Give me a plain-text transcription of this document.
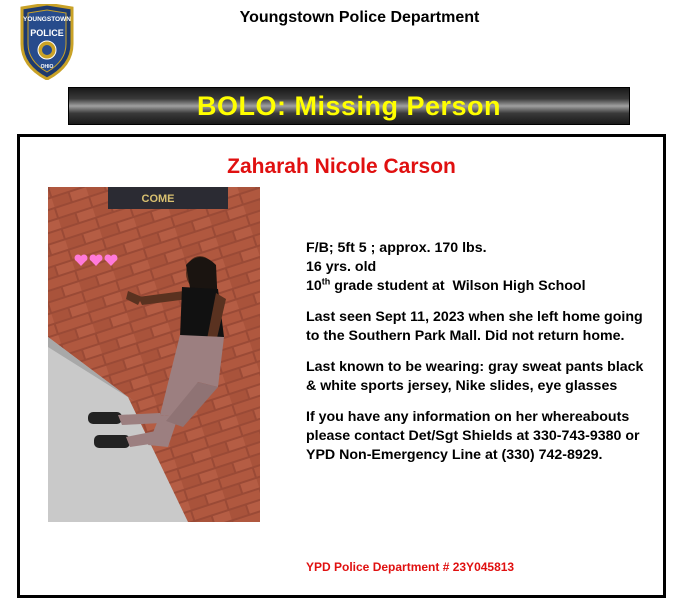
YOUNGSTOWN
POLICE
OHIO
Youngstown Police Department
BOLO: Missing Person
Zaharah Nicole Carson
COME

F/B; 5ft 5 ; approx. 170 lbs.

16 yrs. old

10th grade student at  Wilson High School

Last seen Sept 11, 2023 when she left home going to the Southern Park Mall. Did not return home.

Last known to be wearing: gray sweat pants black & white sports jersey, Nike slides, eye glasses

If you have any information on her whereabouts please contact Det/Sgt Shields at 330-743-9380 or YPD Non-Emergency Line at (330) 742-8929.

YPD Police Department # 23Y045813
